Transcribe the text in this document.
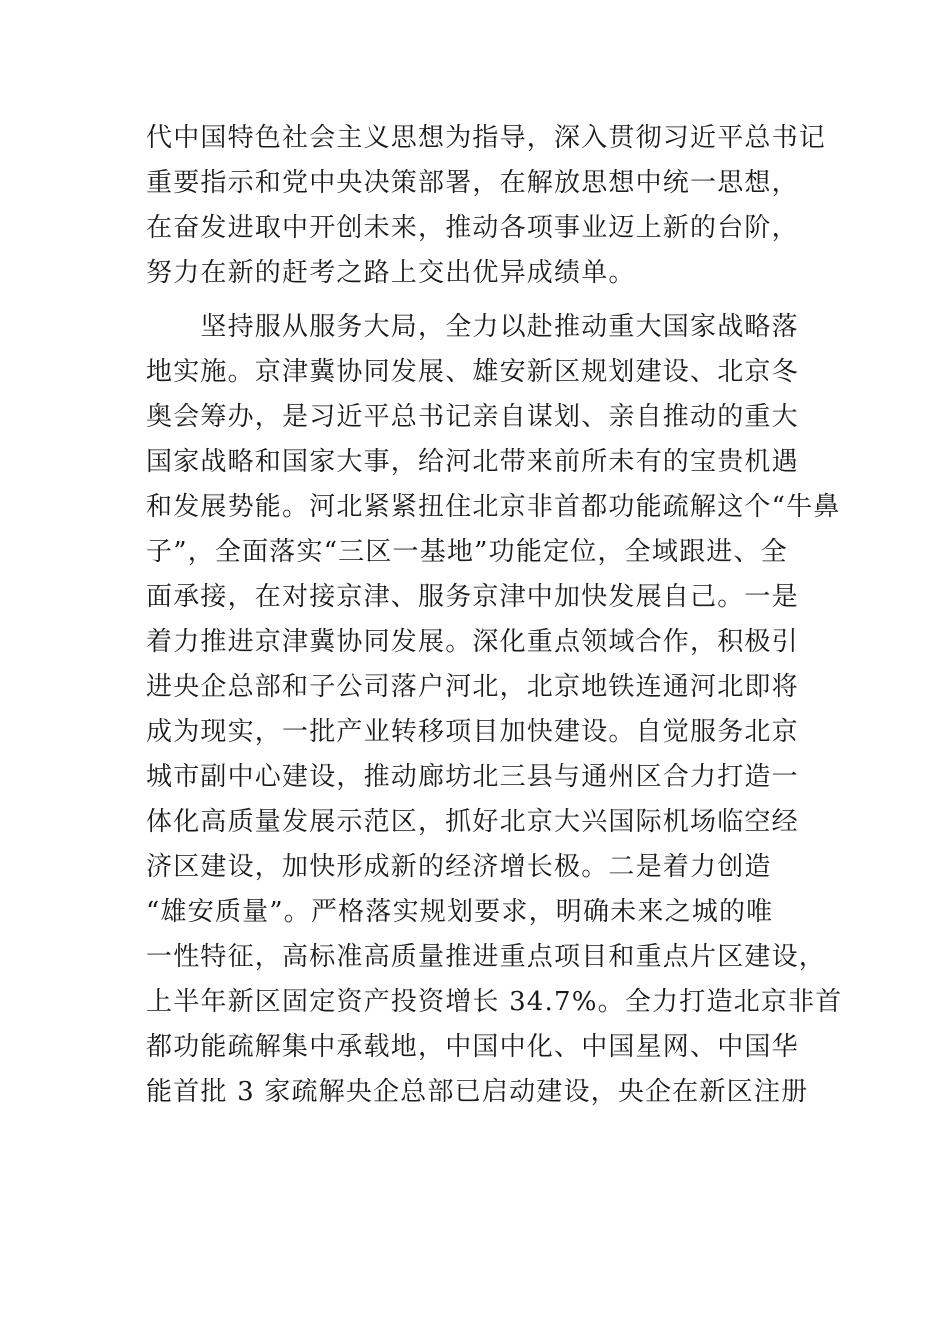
代中国特色社会主义思想为指导，深入贯彻习近平总书记
重要指示和党中央决策部署，在解放思想中统一思想，
在奋发进取中开创未来，推动各项事业迈上新的台阶，
努力在新的赶考之路上交出优异成绩单。
　　坚持服从服务大局，全力以赴推动重大国家战略落
地实施。京津冀协同发展、雄安新区规划建设、北京冬
奥会筹办，是习近平总书记亲自谋划、亲自推动的重大
国家战略和国家大事，给河北带来前所未有的宝贵机遇
和发展势能。河北紧紧扭住北京非首都功能疏解这个“牛鼻
子”，全面落实“三区一基地”功能定位，全域跟进、全
面承接，在对接京津、服务京津中加快发展自己。一是
着力推进京津冀协同发展。深化重点领域合作，积极引
进央企总部和子公司落户河北，北京地铁连通河北即将
成为现实，一批产业转移项目加快建设。自觉服务北京
城市副中心建设，推动廊坊北三县与通州区合力打造一
体化高质量发展示范区，抓好北京大兴国际机场临空经
济区建设，加快形成新的经济增长极。二是着力创造
“雄安质量”。严格落实规划要求，明确未来之城的唯
一性特征，高标准高质量推进重点项目和重点片区建设，
上半年新区固定资产投资增长 34.7%。全力打造北京非首
都功能疏解集中承载地，中国中化、中国星网、中国华
能首批 3 家疏解央企总部已启动建设，央企在新区注册
